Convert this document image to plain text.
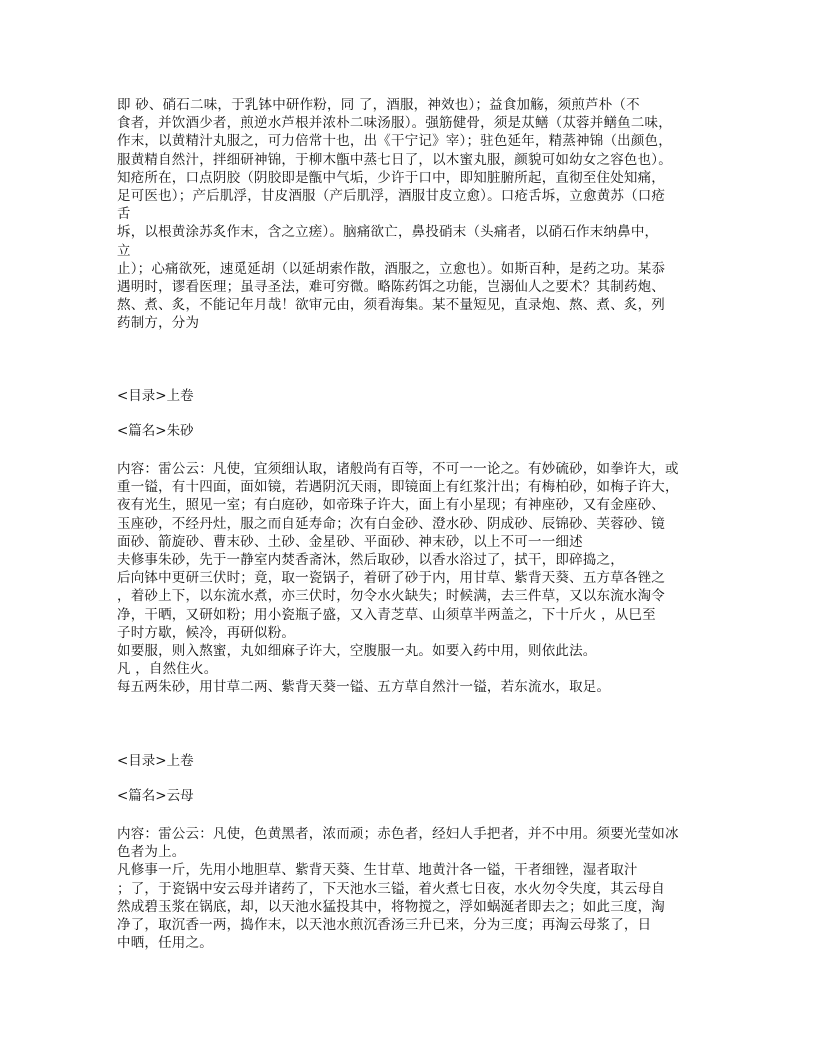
即 砂、硝石二味，于乳钵中研作粉，同 了，酒服，神效也）；益食加觞，须煎芦朴（不
食者，并饮酒少者，煎逆水芦根并浓朴二味汤服）。强筋健骨，须是苁鳝（苁蓉并鳝鱼二味，
作末，以黄精汁丸服之，可力倍常十也，出《干宁记》宰）；驻色延年，精蒸神锦（出颜色，
服黄精自然汁，拌细研神锦，于柳木甑中蒸七日了，以木蜜丸服，颜貌可如幼女之容色也）。
知疮所在，口点阴胶（阴胶即是甑中气垢，少许于口中，即知脏腑所起，直彻至住处知痛，
足可医也）；产后肌浮，甘皮酒服（产后肌浮，酒服甘皮立愈）。口疮舌坼，立愈黄苏（口疮
舌
坼，以根黄涂苏炙作末，含之立瘥）。脑痛欲亡，鼻投硝末（头痛者，以硝石作末纳鼻中，
立
止）；心痛欲死，速觅延胡（以延胡索作散，酒服之，立愈也）。如斯百种，是药之功。某忝
遇明时，谬看医理；虽寻圣法，难可穷微。略陈药饵之功能，岂溺仙人之要术？其制药炮、
熬、煮、炙，不能记年月哉！欲审元由，须看海集。某不量短见，直录炮、熬、煮、炙，列
药制方，分为
<目录>上卷
<篇名>朱砂
内容：雷公云：凡使，宜须细认取，诸般尚有百等，不可一一论之。有妙硫砂，如拳许大，或
重一镒，有十四面，面如镜，若遇阴沉天雨，即镜面上有红浆汁出；有梅柏砂，如梅子许大，
夜有光生，照见一室；有白庭砂，如帝珠子许大，面上有小星现；有神座砂，又有金座砂、
玉座砂，不经丹灶，服之而自延寿命；次有白金砂、澄水砂、阴成砂、辰锦砂、芙蓉砂、镜
面砂、箭旋砂、曹末砂、土砂、金星砂、平面砂、神末砂，以上不可一一细述
夫修事朱砂，先于一静室内焚香斋沐，然后取砂，以香水浴过了，拭干，即碎捣之，
后向钵中更研三伏时；竟，取一瓷锅子，着研了砂于内，用甘草、紫背天葵、五方草各锉之
，着砂上下，以东流水煮，亦三伏时，勿令水火缺失；时候满，去三件草，又以东流水淘令
净，干晒，又研如粉；用小瓷瓶子盛，又入青芝草、山须草半两盖之，下十斤火 ，从巳至
子时方歇，候冷，再研似粉。
如要服，则入熬蜜，丸如细麻子许大，空腹服一丸。如要入药中用，则依此法。
凡 ，自然住火。
每五两朱砂，用甘草二两、紫背天葵一镒、五方草自然汁一镒，若东流水，取足。
<目录>上卷
<篇名>云母
内容：雷公云：凡使，色黄黑者，浓而顽；赤色者，经妇人手把者，并不中用。须要光莹如冰
色者为上。
凡修事一斤，先用小地胆草、紫背天葵、生甘草、地黄汁各一镒，干者细锉，湿者取汁
；了，于瓷锅中安云母并诸药了，下天池水三镒，着火煮七日夜，水火勿令失度，其云母自
然成碧玉浆在锅底，却，以天池水猛投其中，将物搅之，浮如蜗涎者即去之；如此三度，淘
净了，取沉香一两，捣作末，以天池水煎沉香汤三升已来，分为三度；再淘云母浆了，日
中晒，任用之。
